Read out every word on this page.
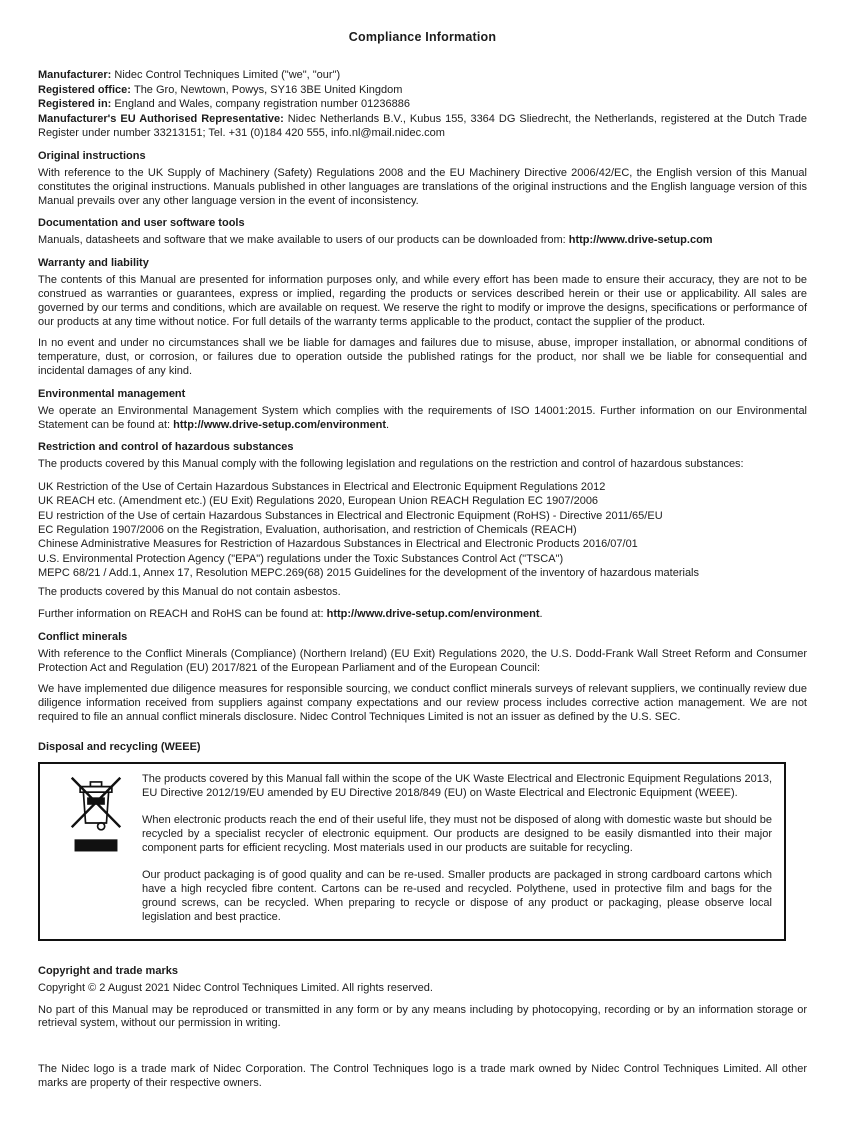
Compliance Information
Manufacturer: Nidec Control Techniques Limited ("we", "our")
Registered office: The Gro, Newtown, Powys, SY16 3BE United Kingdom
Registered in: England and Wales, company registration number 01236886
Manufacturer's EU Authorised Representative: Nidec Netherlands B.V., Kubus 155, 3364 DG Sliedrecht, the Netherlands, registered at the Dutch Trade Register under number 33213151; Tel. +31 (0)184 420 555, info.nl@mail.nidec.com
Original instructions

With reference to the UK Supply of Machinery (Safety) Regulations 2008 and the EU Machinery Directive 2006/42/EC, the English version of this Manual constitutes the original instructions. Manuals published in other languages are translations of the original instructions and the English language version of this Manual prevails over any other language version in the event of inconsistency.

Documentation and user software tools

Manuals, datasheets and software that we make available to users of our products can be downloaded from: http://www.drive-setup.com

Warranty and liability

The contents of this Manual are presented for information purposes only, and while every effort has been made to ensure their accuracy, they are not to be construed as warranties or guarantees, express or implied, regarding the products or services described herein or their use or applicability. All sales are governed by our terms and conditions, which are available on request. We reserve the right to modify or improve the designs, specifications or performance of our products at any time without notice. For full details of the warranty terms applicable to the product, contact the supplier of the product.

In no event and under no circumstances shall we be liable for damages and failures due to misuse, abuse, improper installation, or abnormal conditions of temperature, dust, or corrosion, or failures due to operation outside the published ratings for the product, nor shall we be liable for consequential and incidental damages of any kind.

Environmental management

We operate an Environmental Management System which complies with the requirements of ISO 14001:2015. Further information on our Environmental Statement can be found at: http://www.drive-setup.com/environment.

Restriction and control of hazardous substances

The products covered by this Manual comply with the following legislation and regulations on the restriction and control of hazardous substances:

UK Restriction of the Use of Certain Hazardous Substances in Electrical and Electronic Equipment Regulations 2012
UK REACH etc. (Amendment etc.) (EU Exit) Regulations 2020, European Union REACH Regulation EC 1907/2006
EU restriction of the Use of certain Hazardous Substances in Electrical and Electronic Equipment (RoHS) - Directive 2011/65/EU
EC Regulation 1907/2006 on the Registration, Evaluation, authorisation, and restriction of Chemicals (REACH)
Chinese Administrative Measures for Restriction of Hazardous Substances in Electrical and Electronic Products 2016/07/01
U.S. Environmental Protection Agency ("EPA") regulations under the Toxic Substances Control Act ("TSCA")
MEPC 68/21 / Add.1, Annex 17, Resolution MEPC.269(68) 2015 Guidelines for the development of the inventory of hazardous materials

The products covered by this Manual do not contain asbestos.

Further information on REACH and RoHS can be found at: http://www.drive-setup.com/environment.

Conflict minerals

With reference to the Conflict Minerals (Compliance) (Northern Ireland) (EU Exit) Regulations 2020, the U.S. Dodd-Frank Wall Street Reform and Consumer Protection Act and Regulation (EU) 2017/821 of the European Parliament and of the European Council:

We have implemented due diligence measures for responsible sourcing, we conduct conflict minerals surveys of relevant suppliers, we continually review due diligence information received from suppliers against company expectations and our review process includes corrective action management. We are not required to file an annual conflict minerals disclosure. Nidec Control Techniques Limited is not an issuer as defined by the U.S. SEC.

Disposal and recycling (WEEE)

The products covered by this Manual fall within the scope of the UK Waste Electrical and Electronic Equipment Regulations 2013, EU Directive 2012/19/EU amended by EU Directive 2018/849 (EU) on Waste Electrical and Electronic Equipment (WEEE).

When electronic products reach the end of their useful life, they must not be disposed of along with domestic waste but should be recycled by a specialist recycler of electronic equipment. Our products are designed to be easily dismantled into their major component parts for efficient recycling. Most materials used in our products are suitable for recycling.

Our product packaging is of good quality and can be re-used. Smaller products are packaged in strong cardboard cartons which have a high recycled fibre content. Cartons can be re-used and recycled. Polythene, used in protective film and bags for the ground screws, can be recycled. When preparing to recycle or dispose of any product or packaging, please observe local legislation and best practice.

Copyright and trade marks

Copyright © 2 August 2021 Nidec Control Techniques Limited. All rights reserved.

No part of this Manual may be reproduced or transmitted in any form or by any means including by photocopying, recording or by an information storage or retrieval system, without our permission in writing.

The Nidec logo is a trade mark of Nidec Corporation. The Control Techniques logo is a trade mark owned by Nidec Control Techniques Limited. All other marks are property of their respective owners.
